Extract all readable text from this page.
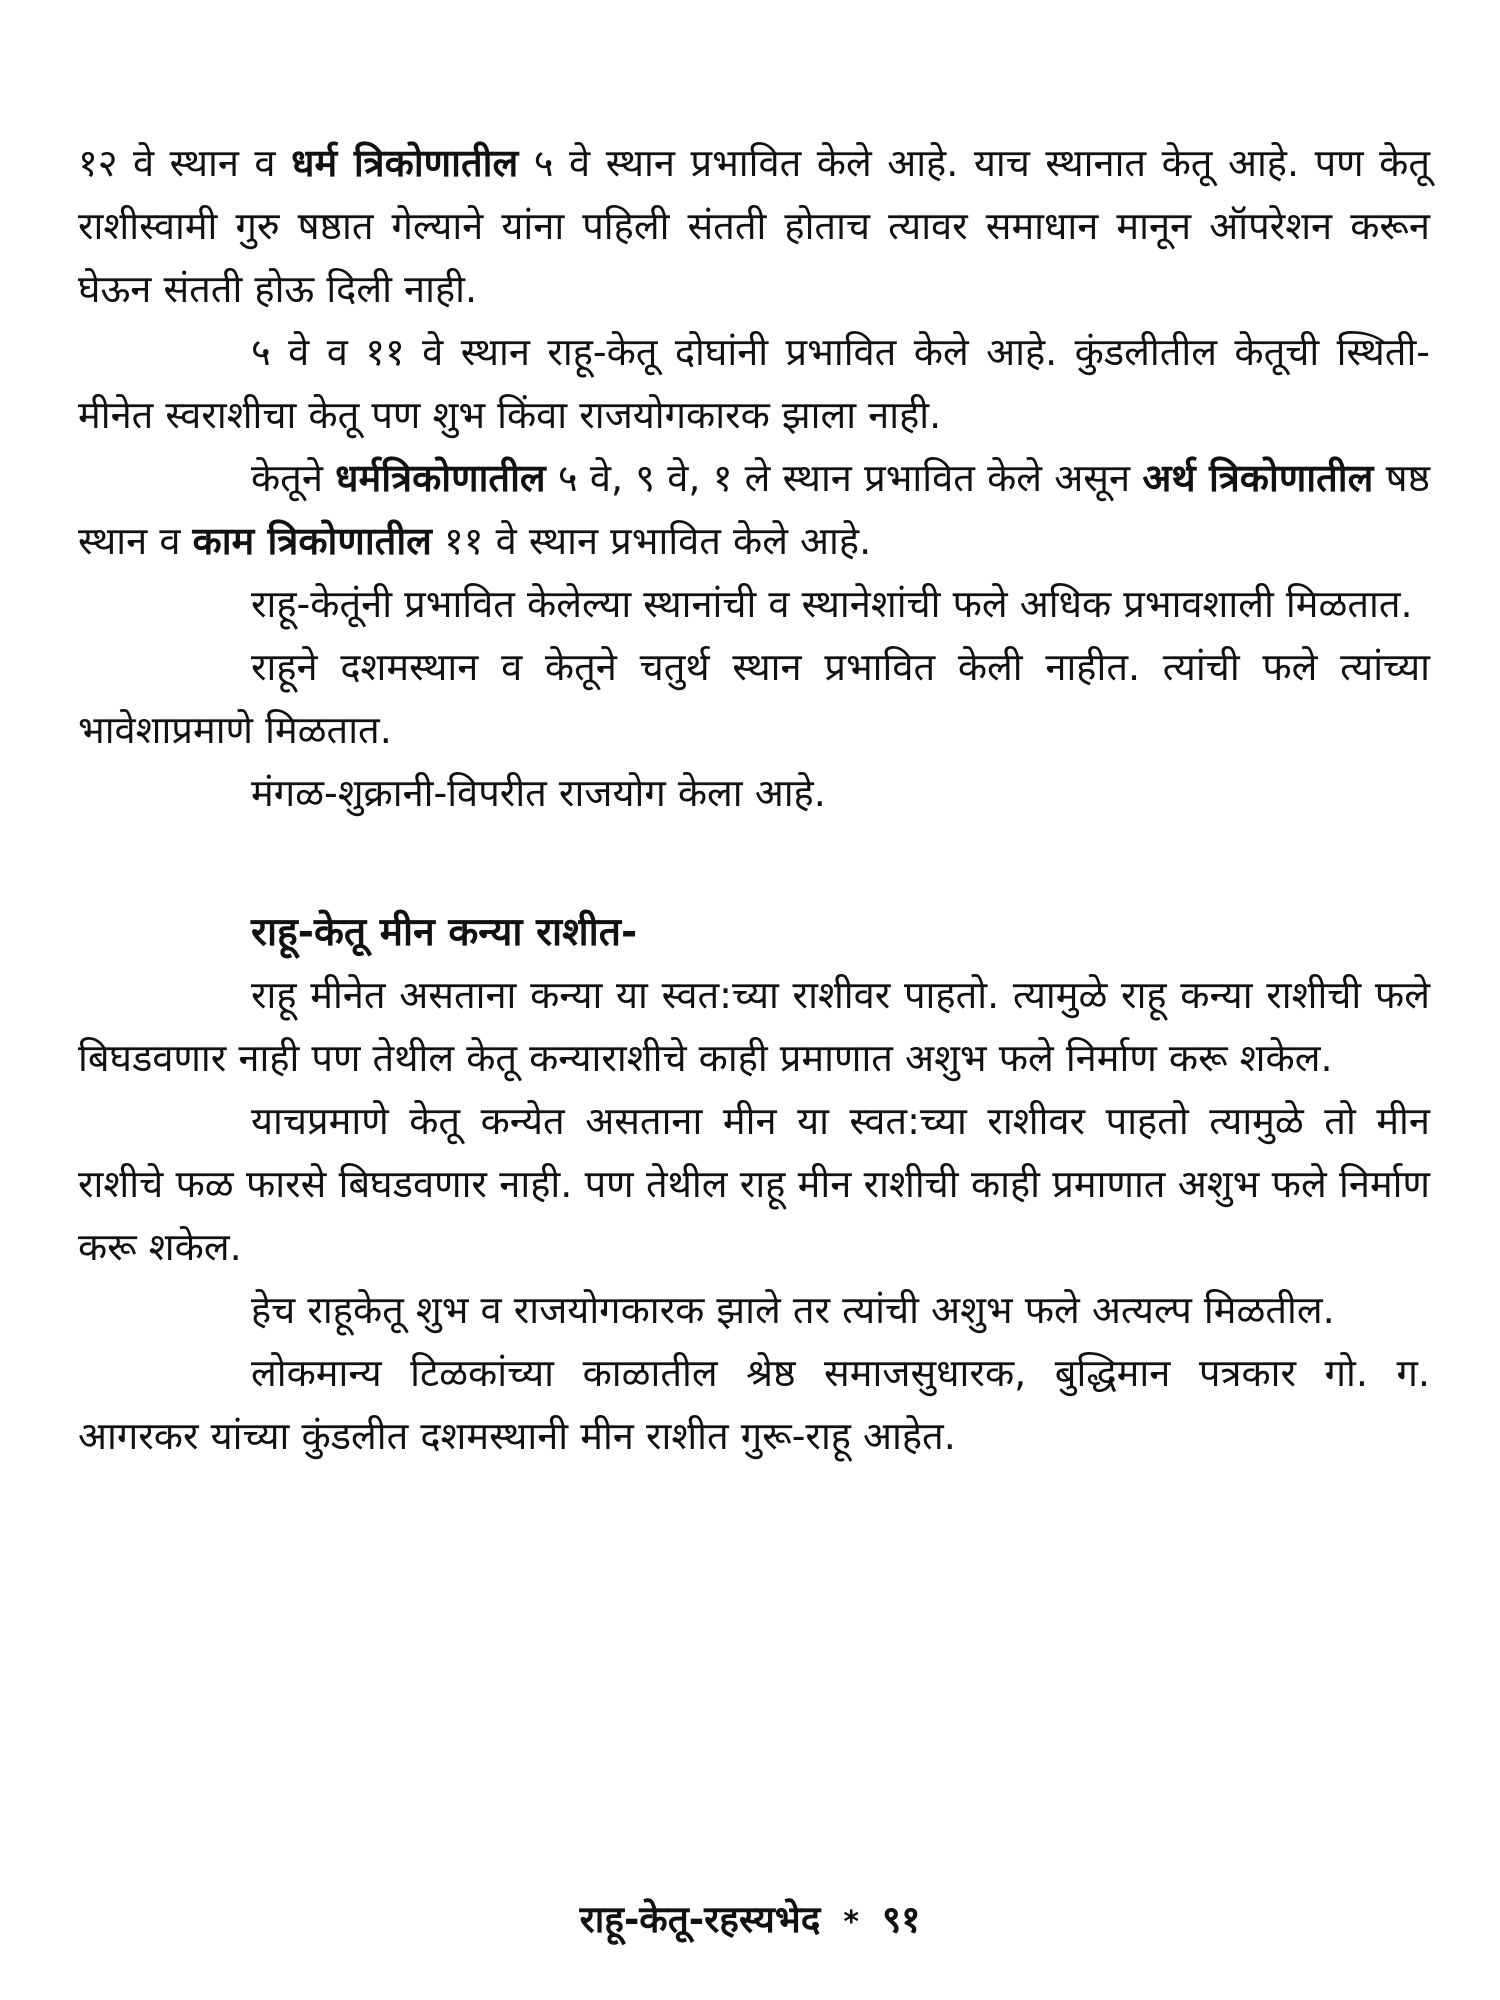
१२ वे स्थान व धर्म त्रिकोणातील ५ वे स्थान प्रभावित केले आहे. याच स्थानात केतू आहे. पण केतू राशीस्वामी गुरु षष्ठात गेल्याने यांना पहिली संतती होताच त्यावर समाधान मानून ऑपरेशन करून घेऊन संतती होऊ दिली नाही.

५ वे व ११ वे स्थान राहू-केतू दोघांनी प्रभावित केले आहे. कुंडलीतील केतूची स्थिती-मीनेत स्वराशीचा केतू पण शुभ किंवा राजयोगकारक झाला नाही.

केतूने धर्मत्रिकोणातील ५ वे, ९ वे, १ ले स्थान प्रभावित केले असून अर्थ त्रिकोणातील षष्ठ स्थान व काम त्रिकोणातील ११ वे स्थान प्रभावित केले आहे.

राहू-केतूंनी प्रभावित केलेल्या स्थानांची व स्थानेशांची फले अधिक प्रभावशाली मिळतात.

राहूने दशमस्थान व केतूने चतुर्थ स्थान प्रभावित केली नाहीत. त्यांची फले त्यांच्या भावेशाप्रमाणे मिळतात.

मंगळ-शुक्रानी-विपरीत राजयोग केला आहे.

राहू-केतू मीन कन्या राशीत-

राहू मीनेत असताना कन्या या स्वत:च्या राशीवर पाहतो. त्यामुळे राहू कन्या राशीची फले बिघडवणार नाही पण तेथील केतू कन्याराशीचे काही प्रमाणात अशुभ फले निर्माण करू शकेल.

याचप्रमाणे केतू कन्येत असताना मीन या स्वत:च्या राशीवर पाहतो त्यामुळे तो मीन राशीचे फळ फारसे बिघडवणार नाही. पण तेथील राहू मीन राशीची काही प्रमाणात अशुभ फले निर्माण करू शकेल.

हेच राहूकेतू शुभ व राजयोगकारक झाले तर त्यांची अशुभ फले अत्यल्प मिळतील.

लोकमान्य टिळकांच्या काळातील श्रेष्ठ समाजसुधारक, बुद्धिमान पत्रकार गो. ग. आगरकर यांच्या कुंडलीत दशमस्थानी मीन राशीत गुरू-राहू आहेत.

राहू-केतू-रहस्यभेद * ९१
